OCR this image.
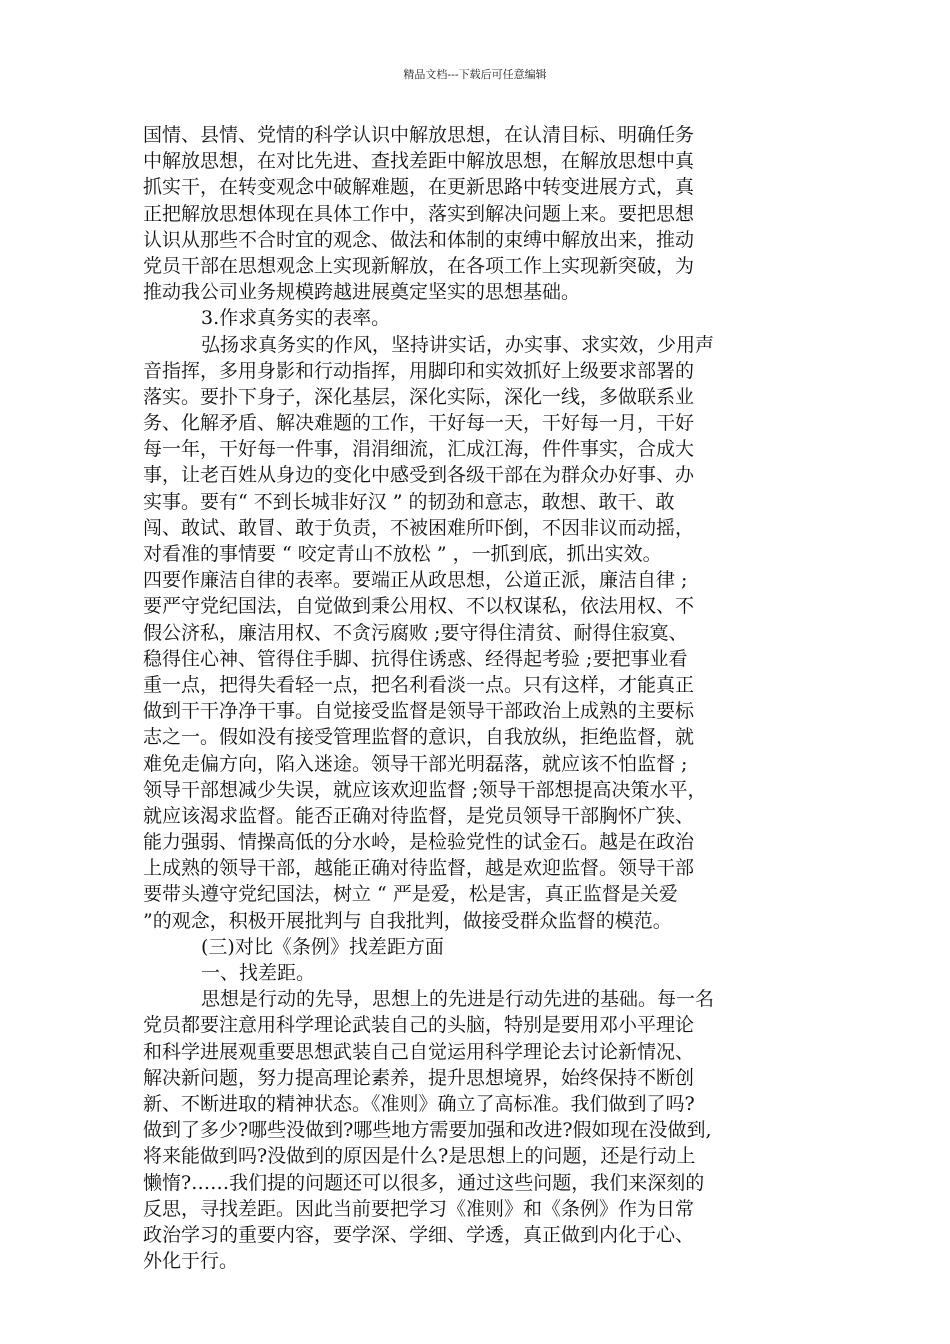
精品文档---下载后可任意编辑
国情、县情、党情的科学认识中解放思想，在认清目标、明确任务
中解放思想，在对比先进、查找差距中解放思想，在解放思想中真
抓实干，在转变观念中破解难题，在更新思路中转变进展方式，真
正把解放思想体现在具体工作中，落实到解决问题上来。要把思想
认识从那些不合时宜的观念、做法和体制的束缚中解放出来，推动
党员干部在思想观念上实现新解放，在各项工作上实现新突破，为
推动我公司业务规模跨越进展奠定坚实的思想基础。
3.作求真务实的表率。
弘扬求真务实的作风，坚持讲实话，办实事、求实效，少用声
音指挥，多用身影和行动指挥，用脚印和实效抓好上级要求部署的
落实。要扑下身子，深化基层，深化实际，深化一线，多做联系业
务、化解矛盾、解决难题的工作，干好每一天，干好每一月，干好
每一年，干好每一件事，涓涓细流，汇成江海，件件事实，合成大
事，让老百姓从身边的变化中感受到各级干部在为群众办好事、办
实事。要有“ 不到长城非好汉 ” 的韧劲和意志，敢想、敢干、敢
闯、敢试、敢冒、敢于负责，不被困难所吓倒，不因非议而动摇，
对看准的事情要 “ 咬定青山不放松 ” ，一抓到底，抓出实效。
四要作廉洁自律的表率。要端正从政思想，公道正派，廉洁自律 ;
要严守党纪国法，自觉做到秉公用权、不以权谋私，依法用权、不
假公济私，廉洁用权、不贪污腐败 ;要守得住清贫、耐得住寂寞、
稳得住心神、管得住手脚、抗得住诱惑、经得起考验 ;要把事业看
重一点，把得失看轻一点，把名利看淡一点。只有这样，才能真正
做到干干净净干事。自觉接受监督是领导干部政治上成熟的主要标
志之一。假如没有接受管理监督的意识，自我放纵，拒绝监督，就
难免走偏方向，陷入迷途。领导干部光明磊落，就应该不怕监督 ;
领导干部想减少失误，就应该欢迎监督 ;领导干部想提高决策水平，
就应该渴求监督。能否正确对待监督，是党员领导干部胸怀广狭、
能力强弱、情操高低的分水岭，是检验党性的试金石。越是在政治
上成熟的领导干部，越能正确对待监督，越是欢迎监督。领导干部
要带头遵守党纪国法，树立 “ 严是爱，松是害，真正监督是关爱
”的观念，积极开展批判与 自我批判，做接受群众监督的模范。
(三)对比《条例》找差距方面
一、找差距。
思想是行动的先导，思想上的先进是行动先进的基础。每一名
党员都要注意用科学理论武装自己的头脑，特别是要用邓小平理论
和科学进展观重要思想武装自己自觉运用科学理论去讨论新情况、
解决新问题，努力提高理论素养，提升思想境界，始终保持不断创
新、不断进取的精神状态。《准则》确立了高标准。我们做到了吗?
做到了多少?哪些没做到?哪些地方需要加强和改进?假如现在没做到,
将来能做到吗?没做到的原因是什么?是思想上的问题，还是行动上
懒惰?……我们提的问题还可以很多，通过这些问题，我们来深刻的
反思，寻找差距。因此当前要把学习《准则》和《条例》作为日常
政治学习的重要内容，要学深、学细、学透，真正做到内化于心、
外化于行。
